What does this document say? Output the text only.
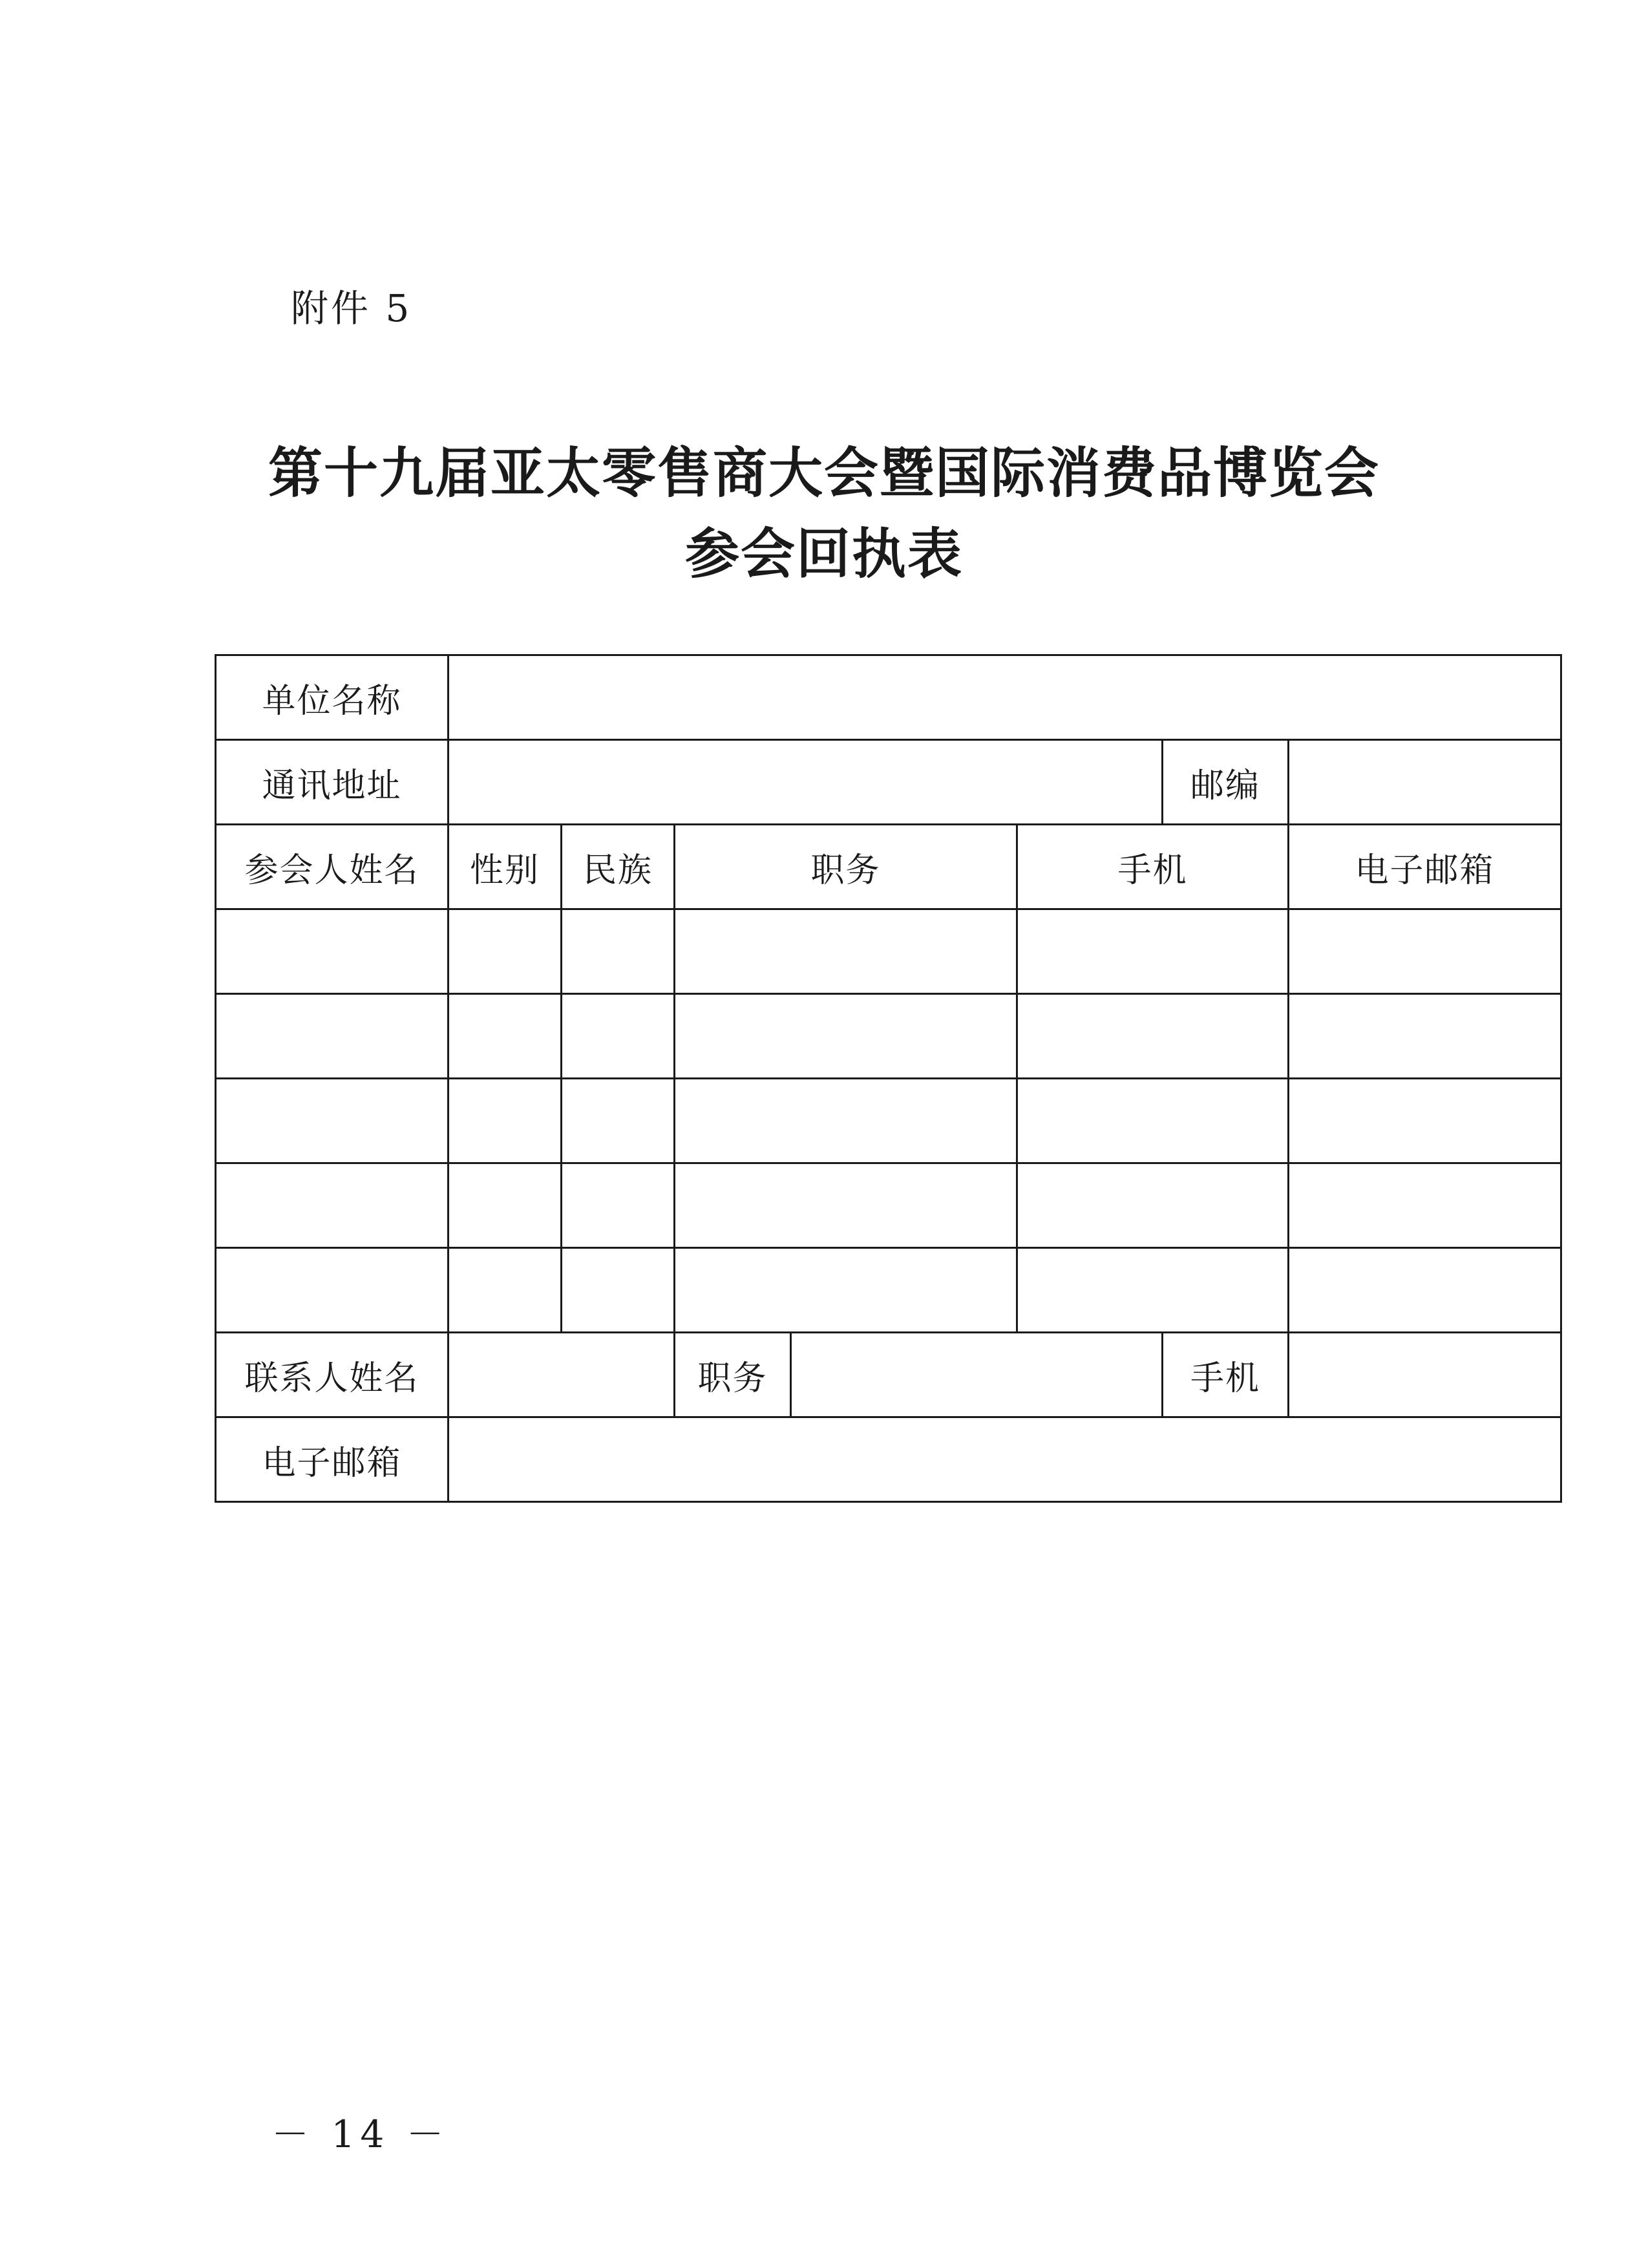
附件 5
第十九届亚太零售商大会暨国际消费品博览会
参会回执表
单位名称							
通讯地址						邮编	
参会人姓名	性别	民族	职务		手机		电子邮箱

联系人姓名			职务			手机	
电子邮箱							
－ 14 －
